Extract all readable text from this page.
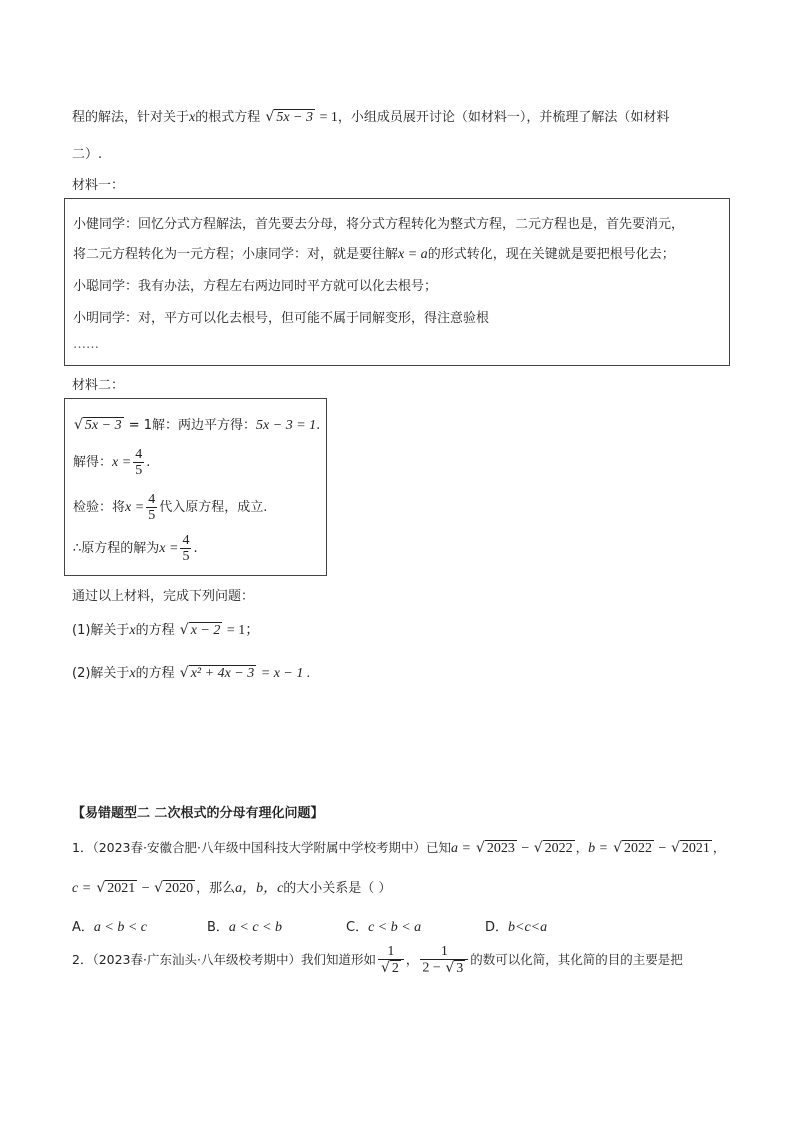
程的解法，针对关于x的根式方程 √ 5x − 3 = 1，小组成员展开讨论（如材料一），并梳理了解法（如材料
二）.
材料一：
小健同学：回忆分式方程解法，首先要去分母，将分式方程转化为整式方程，二元方程也是，首先要消元，
将二元方程转化为一元方程；小康同学：对，就是要往解x = a的形式转化，现在关键就是要把根号化去；
小聪同学：我有办法，方程左右两边同时平方就可以化去根号；
小明同学：对，平方可以化去根号，但可能不属于同解变形，得注意验根
……
材料二：
√ 5x − 3 = 1解：两边平方得：5x − 3 = 1.
解得：$x = \frac{4}{5}$ .
检验：将$x = \frac{4}{5}$ 代入原方程，成立.
∴原方程的解为$x = \frac{4}{5}$ .
通过以上材料，完成下列问题：
(1)解关于x的方程 √ x − 2 = 1；
(2)解关于x的方程 √ x² + 4x − 3 = x − 1 .
【易错题型二 二次根式的分母有理化问题】
1．（2023春·安徽合肥·八年级中国科技大学附属中学校考期中）已知a = √ 2023 − √ 2022 ，b = √ 2022 − √ 2021 ，
c = √ 2021 − √ 2020 ，那么a，b，c的大小关系是（ ）
A．a < b < c	B．a < c < b	C．c < b < a	D．b<c<a
2．（2023春·广东汕头·八年级校考期中）我们知道形如 $\frac{1}{√ 2}$ ， $\frac{1}{2 - √ 3}$ 的数可以化简，其化简的目的主要是把
